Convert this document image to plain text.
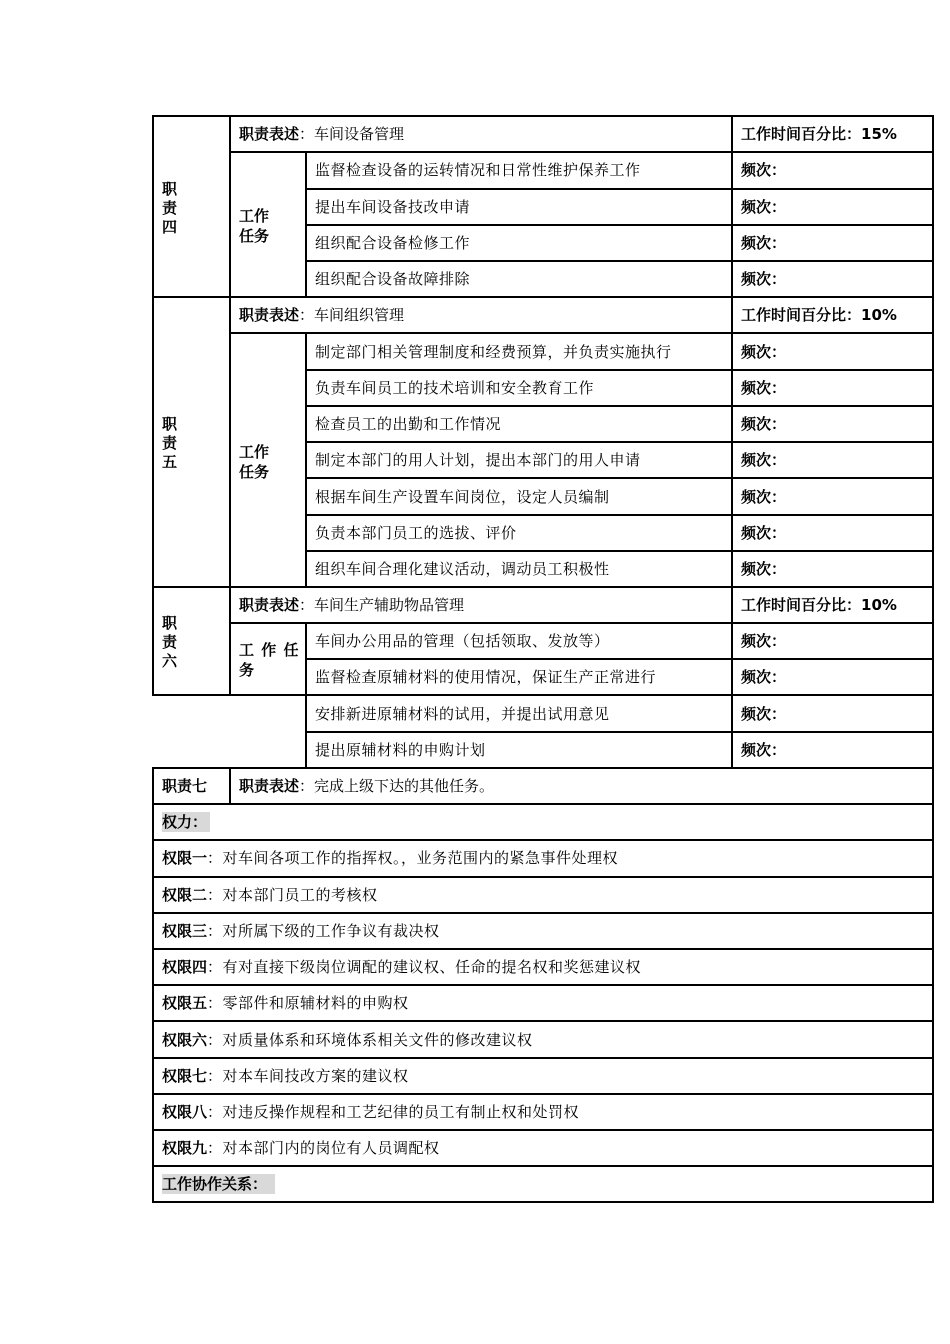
职责四
职责表述：车间设备管理	工作时间百分比：15%
工作任务
监督检查设备的运转情况和日常性维护保养工作	频次：
提出车间设备技改申请	频次：
组织配合设备检修工作	频次：
组织配合设备故障排除	频次：
职责五
职责表述：车间组织管理	工作时间百分比：10%
工作任务
制定部门相关管理制度和经费预算，并负责实施执行	频次：
负责车间员工的技术培训和安全教育工作	频次：
检查员工的出勤和工作情况	频次：
制定本部门的用人计划，提出本部门的用人申请	频次：
根据车间生产设置车间岗位，设定人员编制	频次：
负责本部门员工的选拔、评价	频次：
组织车间合理化建议活动，调动员工积极性	频次：
职责六
职责表述：车间生产辅助物品管理	工作时间百分比：10%
工 作 任 务
车间办公用品的管理（包括领取、发放等）	频次：
监督检查原辅材料的使用情况，保证生产正常进行	频次：
安排新进原辅材料的试用，并提出试用意见	频次：
提出原辅材料的申购计划	频次：
职责七 职责表述：完成上级下达的其他任务。
权力：
权限一：对车间各项工作的指挥权。，业务范围内的紧急事件处理权
权限二：对本部门员工的考核权
权限三：对所属下级的工作争议有裁决权
权限四：有对直接下级岗位调配的建议权、任命的提名权和奖惩建议权
权限五：零部件和原辅材料的申购权
权限六：对质量体系和环境体系相关文件的修改建议权
权限七：对本车间技改方案的建议权
权限八：对违反操作规程和工艺纪律的员工有制止权和处罚权
权限九：对本部门内的岗位有人员调配权
工作协作关系：
